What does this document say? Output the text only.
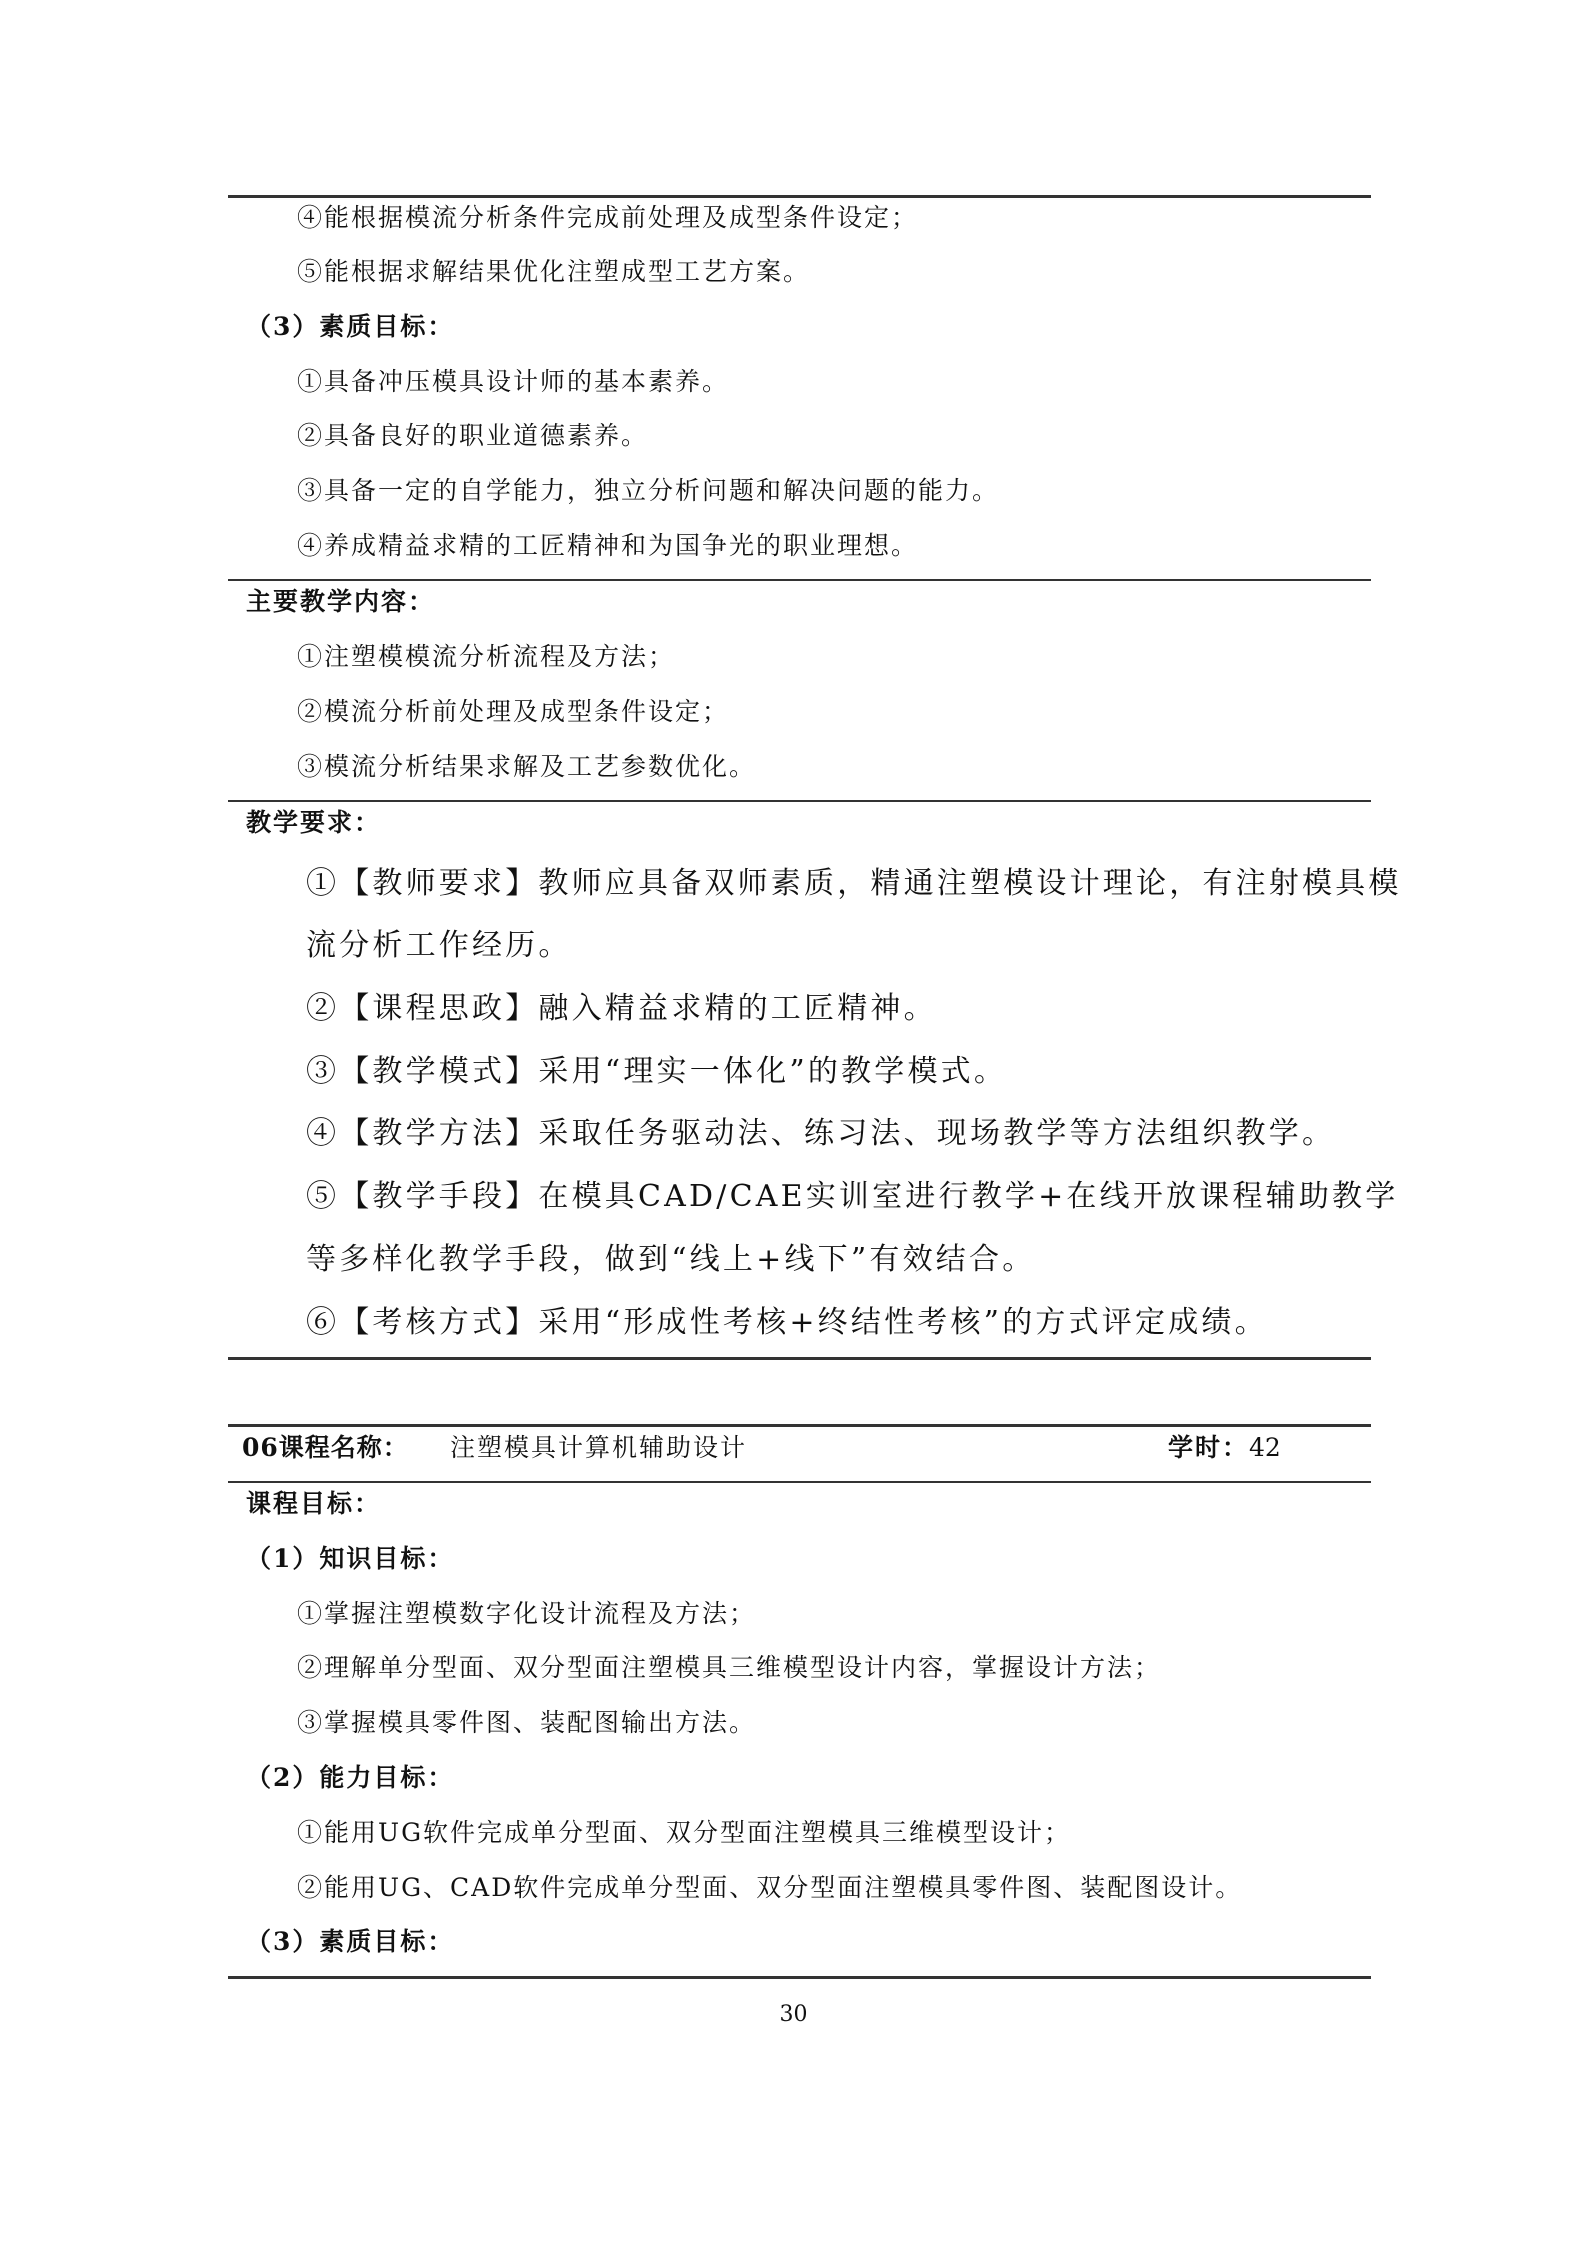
④能根据模流分析条件完成前处理及成型条件设定；
⑤能根据求解结果优化注塑成型工艺方案。
（3）素质目标：
①具备冲压模具设计师的基本素养。
②具备良好的职业道德素养。
③具备一定的自学能力，独立分析问题和解决问题的能力。
④养成精益求精的工匠精神和为国争光的职业理想。
主要教学内容：
①注塑模模流分析流程及方法；
②模流分析前处理及成型条件设定；
③模流分析结果求解及工艺参数优化。
教学要求：
①【教师要求】教师应具备双师素质，精通注塑模设计理论，有注射模具模
流分析工作经历。
②【课程思政】融入精益求精的工匠精神。
③【教学模式】采用“理实一体化”的教学模式。
④【教学方法】采取任务驱动法、练习法、现场教学等方法组织教学。
⑤【教学手段】在模具CAD/CAE实训室进行教学+在线开放课程辅助教学
等多样化教学手段，做到“线上+线下”有效结合。
⑥【考核方式】采用“形成性考核+终结性考核”的方式评定成绩。
06课程名称： 注塑模具计算机辅助设计	学时：42
课程目标：
（1）知识目标：
①掌握注塑模数字化设计流程及方法；
②理解单分型面、双分型面注塑模具三维模型设计内容，掌握设计方法；
③掌握模具零件图、装配图输出方法。
（2）能力目标：
①能用UG软件完成单分型面、双分型面注塑模具三维模型设计；
②能用UG、CAD软件完成单分型面、双分型面注塑模具零件图、装配图设计。
（3）素质目标：
30
